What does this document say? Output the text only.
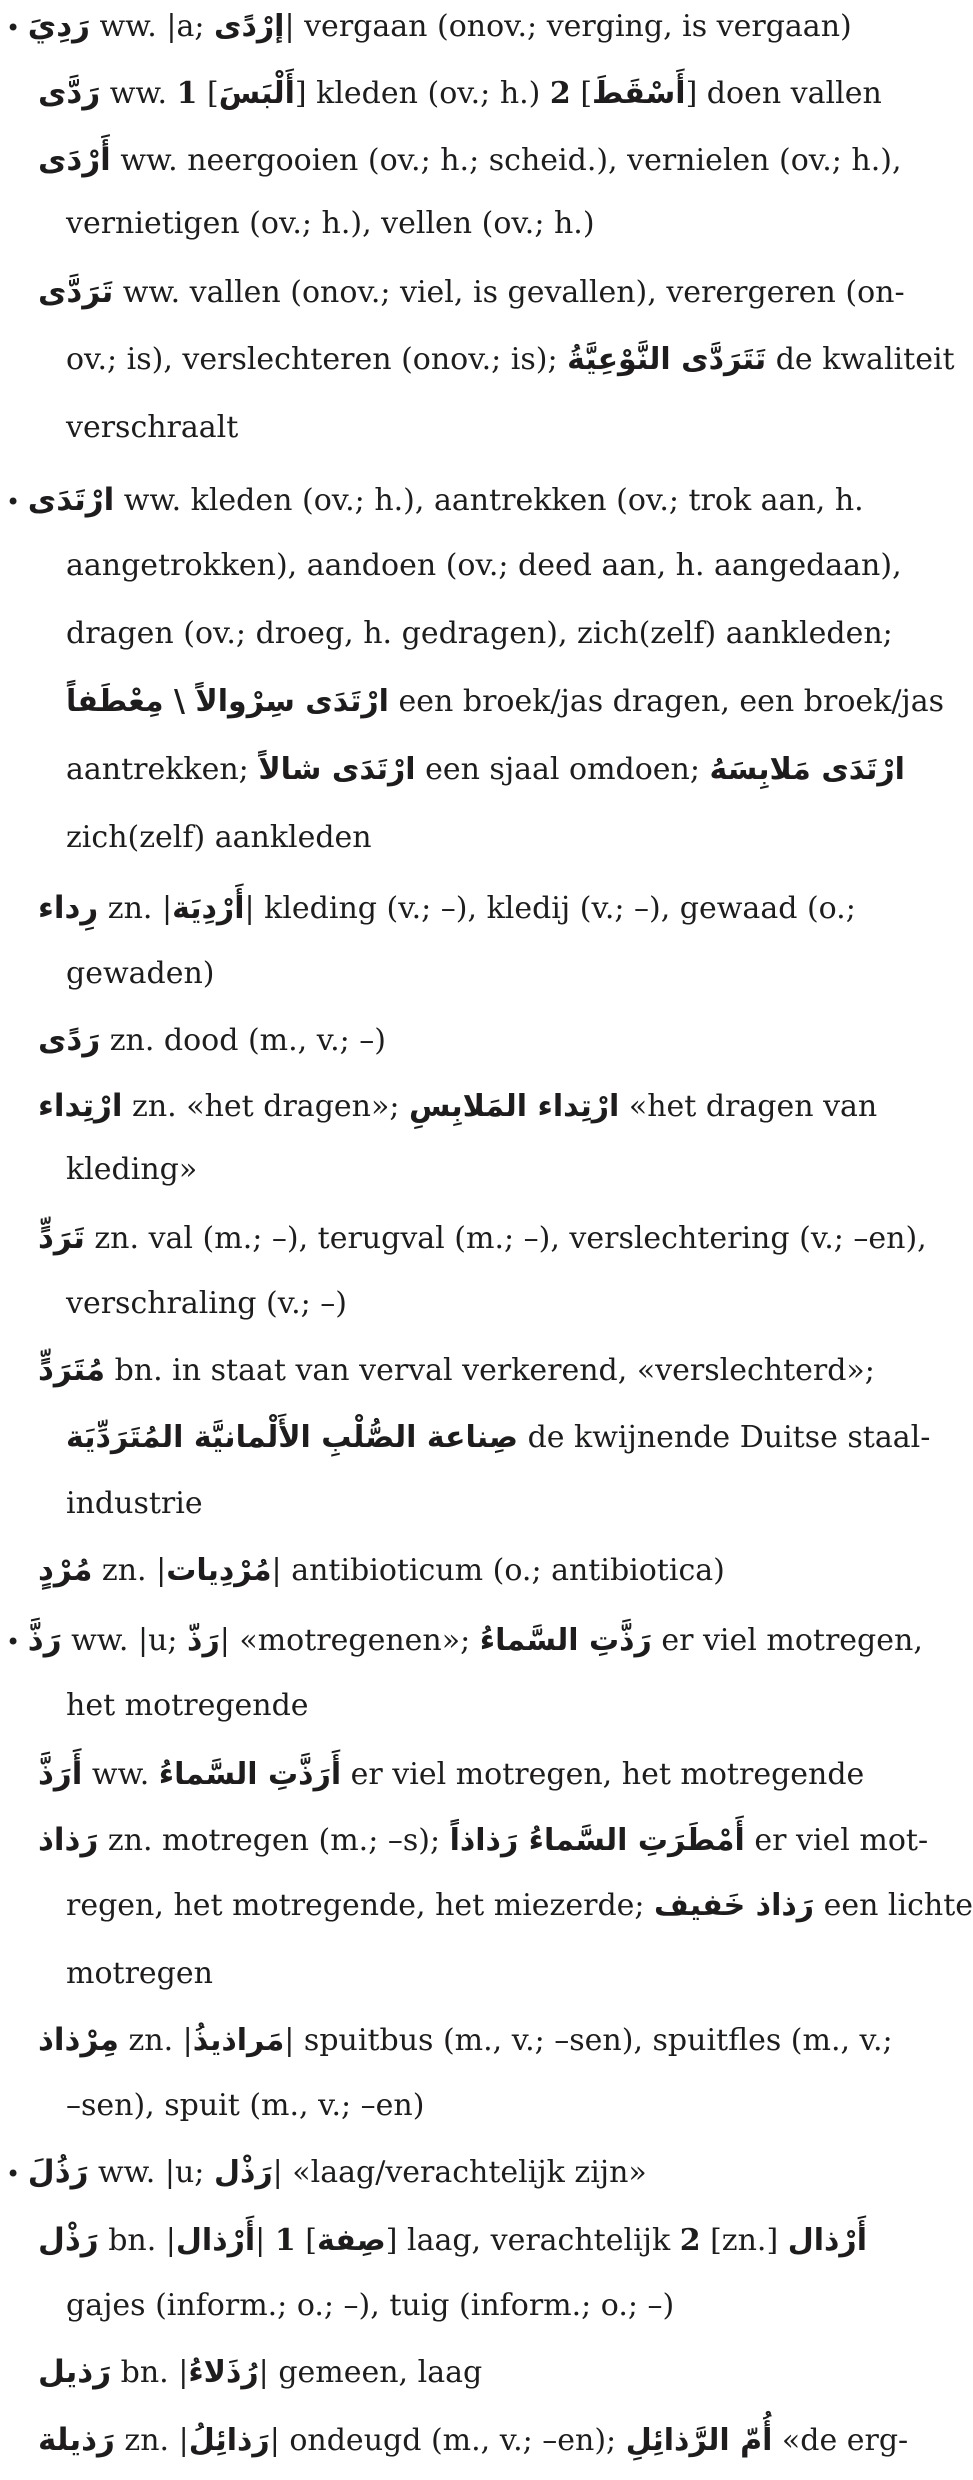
• رَدِيَ ww. |a; إرْدًى| vergaan (onov.; verging, is vergaan)
رَدَّى ww. 1 [أَلْبَسَ] kleden (ov.; h.) 2 [أَسْقَطَ] doen vallen
أَرْدَى ww. neergooien (ov.; h.; scheid.), vernielen (ov.; h.),
vernietigen (ov.; h.), vellen (ov.; h.)
تَرَدَّى ww. vallen (onov.; viel, is gevallen), verergeren (on-
ov.; is), verslechteren (onov.; is); تَتَرَدَّى النَّوْعِيَّةُ de kwaliteit
verschraalt
• ارْتَدَى ww. kleden (ov.; h.), aantrekken (ov.; trok aan, h.
aangetrokken), aandoen (ov.; deed aan, h. aangedaan),
dragen (ov.; droeg, h. gedragen), zich(zelf) aankleden;
ارْتَدَى سِرْوالاً \ مِعْطَفاً een broek/jas dragen, een broek/jas
aantrekken; ارْتَدَى شالاً een sjaal omdoen; ارْتَدَى مَلابِسَهُ
zich(zelf) aankleden
رِداء zn. |أَرْدِيَة| kleding (v.; –), kledij (v.; –), gewaad (o.;
gewaden)
رَدًى zn. dood (m., v.; –)
ارْتِداء zn. «het dragen»; ارْتِداء المَلابِسِ «het dragen van
kleding»
تَرَدٍّ zn. val (m.; –), terugval (m.; –), verslechtering (v.; –en),
verschraling (v.; –)
مُتَرَدٍّ bn. in staat van verval verkerend, «verslechterd»;
صِناعة الصُّلْبِ الأَلْمانيَّة المُتَرَدِّيَة de kwijnende Duitse staal-
industrie
مُرْدٍ zn. |مُرْدِيات| antibioticum (o.; antibiotica)
• رَذَّ ww. |u; رَذّ| «motregenen»; رَذَّتِ السَّماءُ er viel motregen,
het motregende
أَرَذَّ ww. أَرَذَّتِ السَّماءُ er viel motregen, het motregende
رَذاذ zn. motregen (m.; –s); أَمْطَرَتِ السَّماءُ رَذاذاً er viel mot-
regen, het motregende, het miezerde; رَذاذ خَفيف een lichte
motregen
مِرْذاذ zn. |مَراذيذُ| spuitbus (m., v.; –sen), spuitfles (m., v.;
–sen), spuit (m., v.; –en)
• رَذُلَ ww. |u; رَذْل| «laag/verachtelijk zijn»
رَذْل bn. |أَرْذال| 1 [صِفة] laag, verachtelijk 2 [zn.] أَرْذال
gajes (inform.; o.; –), tuig (inform.; o.; –)
رَذيل bn. |رُذَلاءُ| gemeen, laag
رَذيلة zn. |رَذائِلُ| ondeugd (m., v.; –en); أُمّ الرَّذائِلِ «de erg-
